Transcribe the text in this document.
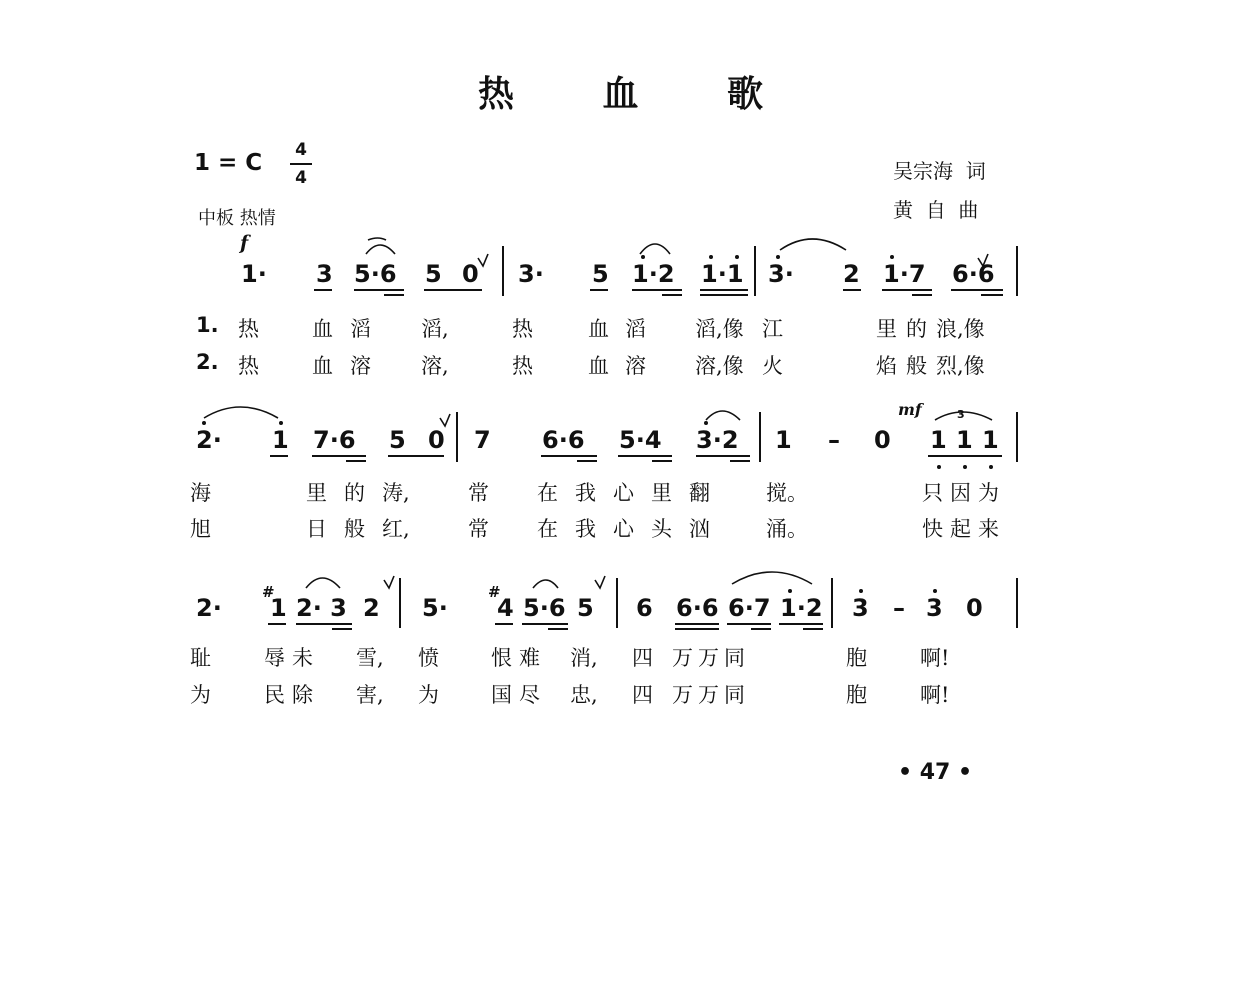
热 血 歌
1 = C 4
4
中板 热情
吴宗海  词
黄  自  曲
f
1· 3 5·6 5 0 3· 5 1·2 1·1 3· 2 1·7 6·6
1. 热	血 滔 滔,	热	血 滔 滔,像 江	里 的 浪,像
2. 热	血 溶 溶,	热	血 溶 溶,像 火	焰 般 烈,像
mf
2· 1 7·6 5 0 7 6·6 5·4 3·2 1 – 0 1 1 1
3
海	里 的 涛,	常 在 我 心 里 翻	搅。	只 因 为
旭	日 般 红,	常 在 我 心 头 汹	涌。	快 起 来
2·
#
1 2· 3 2 5·
#
4 5·6 5 6 6·6 6·7 1·2 3 – 3 0
耻	辱 未 雪, 愤 恨 难 消, 四 万 万 同	胞	啊!
为	民 除 害, 为 国 尽 忠, 四 万 万 同	胞	啊!
• 47 •
